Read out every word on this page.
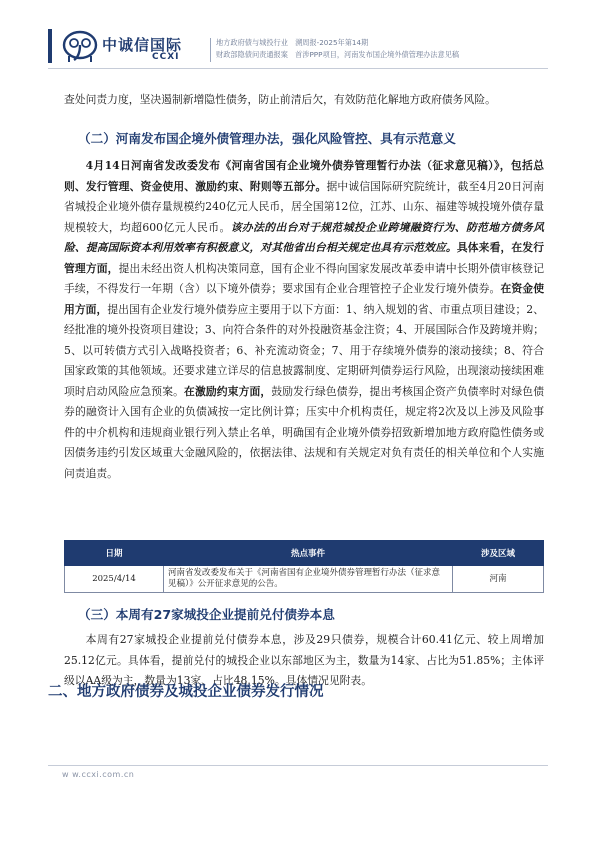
中诚信国际
CCXI
地方政府债与城投行业　溯周报-2025年第14期
财政部隐债问责通报案　首涉PPP项目，河南发布国企境外债管理办法意见稿
查处问责力度，坚决遏制新增隐性债务，防止前清后欠，有效防范化解地方政府债务风险。
（二）河南发布国企境外债管理办法，强化风险管控、具有示范意义
4月14日河南省发改委发布《河南省国有企业境外债券管理暂行办法（征求意见稿）》，包括总则、发行管理、资金使用、激励约束、附则等五部分。据中诚信国际研究院统计，截至4月20日河南省城投企业境外债存量规模约240亿元人民币，居全国第12位，江苏、山东、福建等城投境外债存量规模较大，均超600亿元人民币。该办法的出台对于规范城投企业跨境融资行为、防范地方债务风险、提高国际资本利用效率有积极意义，对其他省出台相关规定也具有示范效应。具体来看，在发行管理方面，提出未经出资人机构决策同意，国有企业不得向国家发展改革委申请中长期外债审核登记手续，不得发行一年期（含）以下境外债券；要求国有企业合理管控子企业发行境外债券。在资金使用方面，提出国有企业发行境外债券应主要用于以下方面：1、纳入规划的省、市重点项目建设；2、经批准的境外投资项目建设；3、向符合条件的对外投融资基金注资；4、开展国际合作及跨境并购；5、以可转债方式引入战略投资者；6、补充流动资金；7、用于存续境外债券的滚动接续；8、符合国家政策的其他领域。还要求建立详尽的信息披露制度、定期研判债券运行风险，出现滚动接续困难项时启动风险应急预案。在激励约束方面，鼓励发行绿色债券，提出考核国企资产负债率时对绿色债券的融资计入国有企业的负债减按一定比例计算；压实中介机构责任，规定将2次及以上涉及风险事件的中介机构和违规商业银行列入禁止名单，明确国有企业境外债券招致新增加地方政府隐性债务或因债务违约引发区域重大金融风险的，依据法律、法规和有关规定对负有责任的相关单位和个人实施问责追责。
日期	热点事件	涉及区域
2025/4/14	河南省发改委发布关于《河南省国有企业境外债券管理暂行办法（征求意见稿）》公开征求意见的公告。	河南
（三）本周有27家城投企业提前兑付债券本息
本周有27家城投企业提前兑付债券本息，涉及29只债券，规模合计60.41亿元、较上周增加25.12亿元。具体看，提前兑付的城投企业以东部地区为主，数量为14家、占比为51.85%；主体评级以AA级为主，数量为13家、占比48.15%。具体情况见附表。
二、地方政府债券及城投企业债券发行情况
w w.ccxi.com.cn
